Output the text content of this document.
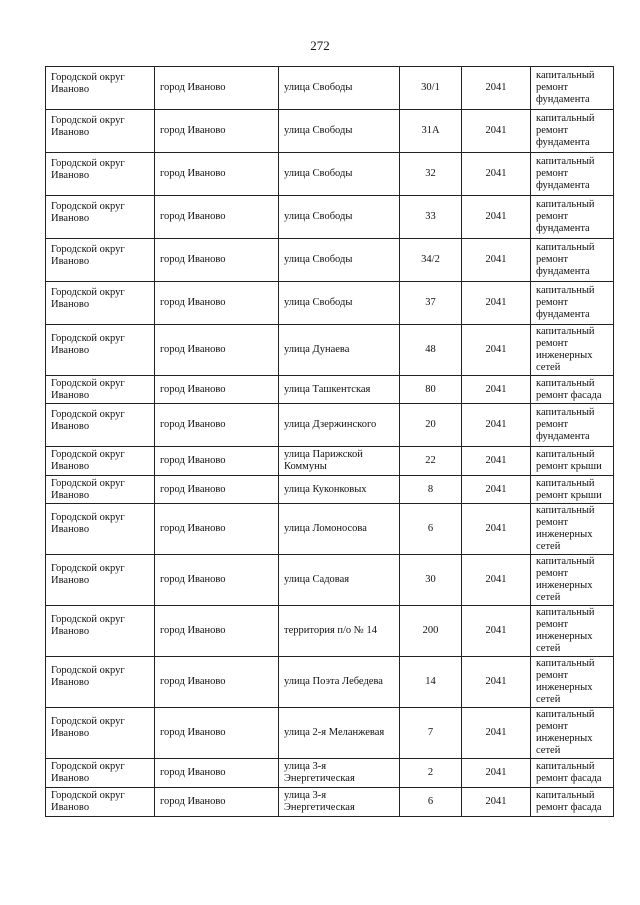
272
Городской округ Иваново	город Иваново	улица Свободы	30/1	2041	капитальный ремонт фундамента

Городской округ Иваново	город Иваново	улица Свободы	31А	2041	капитальный ремонт фундамента

Городской округ Иваново	город Иваново	улица Свободы	32	2041	капитальный ремонт фундамента

Городской округ Иваново	город Иваново	улица Свободы	33	2041	капитальный ремонт фундамента

Городской округ Иваново	город Иваново	улица Свободы	34/2	2041	капитальный ремонт фундамента

Городской округ Иваново	город Иваново	улица Свободы	37	2041	капитальный ремонт фундамента

Городской округ Иваново	город Иваново	улица Дунаева	48	2041	капитальный ремонт инженерных сетей

Городской округ Иваново	город Иваново	улица Ташкентская	80	2041	капитальный ремонт фасада

Городской округ Иваново	город Иваново	улица Дзержинского	20	2041	капитальный ремонт фундамента

Городской округ Иваново	город Иваново	улица Парижской Коммуны	22	2041	капитальный ремонт крыши

Городской округ Иваново	город Иваново	улица Куконковых	8	2041	капитальный ремонт крыши

Городской округ Иваново	город Иваново	улица Ломоносова	6	2041	капитальный ремонт инженерных сетей

Городской округ Иваново	город Иваново	улица Садовая	30	2041	капитальный ремонт инженерных сетей

Городской округ Иваново	город Иваново	территория п/о № 14	200	2041	капитальный ремонт инженерных сетей

Городской округ Иваново	город Иваново	улица Поэта Лебедева	14	2041	капитальный ремонт инженерных сетей

Городской округ Иваново	город Иваново	улица 2-я Меланжевая	7	2041	капитальный ремонт инженерных сетей

Городской округ Иваново	город Иваново	улица 3-я Энергетическая	2	2041	капитальный ремонт фасада

Городской округ Иваново	город Иваново	улица 3-я Энергетическая	6	2041	капитальный ремонт фасада
